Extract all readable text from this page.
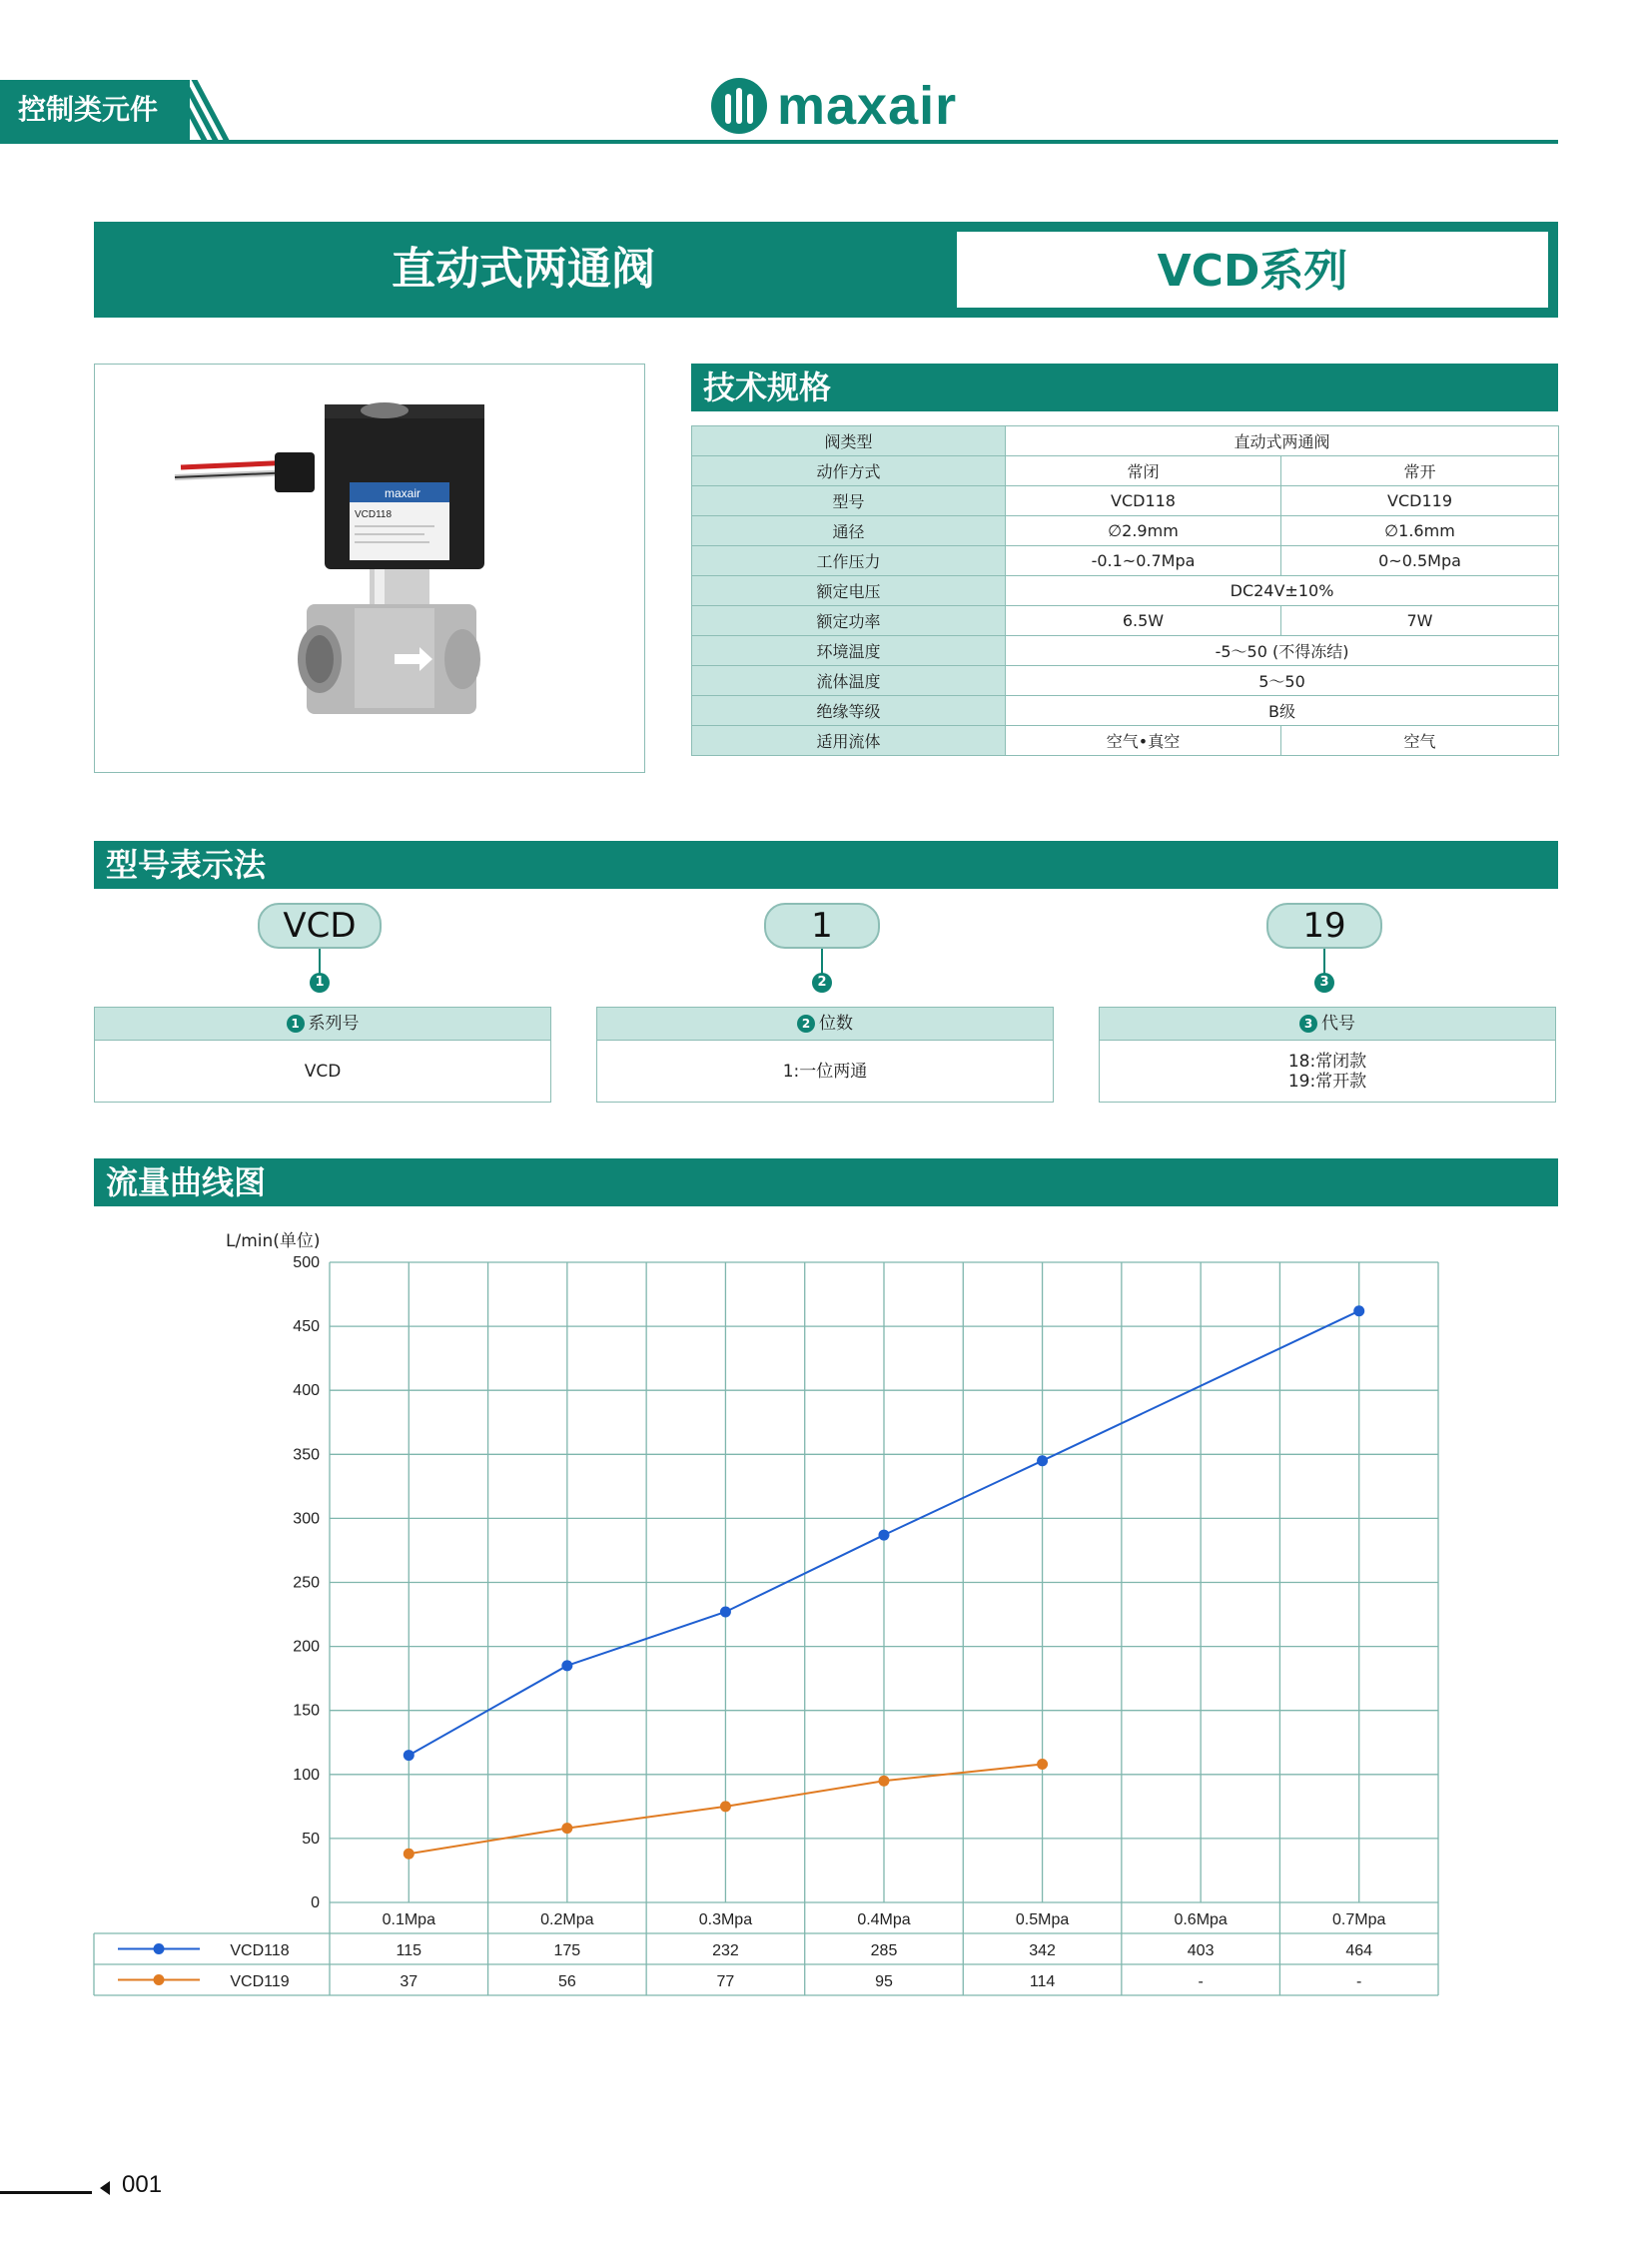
控制类元件	maxair
直动式两通阀	VCD系列
maxair
VCD118
技术规格
阀类型	直动式两通阀	
动作方式	常闭	常开
型号	VCD118	VCD119
通径	∅2.9mm	∅1.6mm
工作压力	-0.1~0.7Mpa	0~0.5Mpa
额定电压	DC24V±10%	
额定功率	6.5W	7W
环境温度	-5～50 (不得冻结)	
流体温度	5～50	
绝缘等级	B级	
适用流体	空气•真空	空气
型号表示法
VCD
1
1 系列号
VCD
1
2
2 位数
1:一位两通
19
3
3 代号
18:常闭款
19:常开款
流量曲线图
0
50
100
150
200
250
300
350
400
450
500
L/min(单位)
0.1Mpa	0.2Mpa	0.3Mpa	0.4Mpa	0.5Mpa	0.6Mpa	0.7Mpa
VCD118	115	175	232	285	342	403	464
VCD119	37	56	77	95	114	-	-
001
